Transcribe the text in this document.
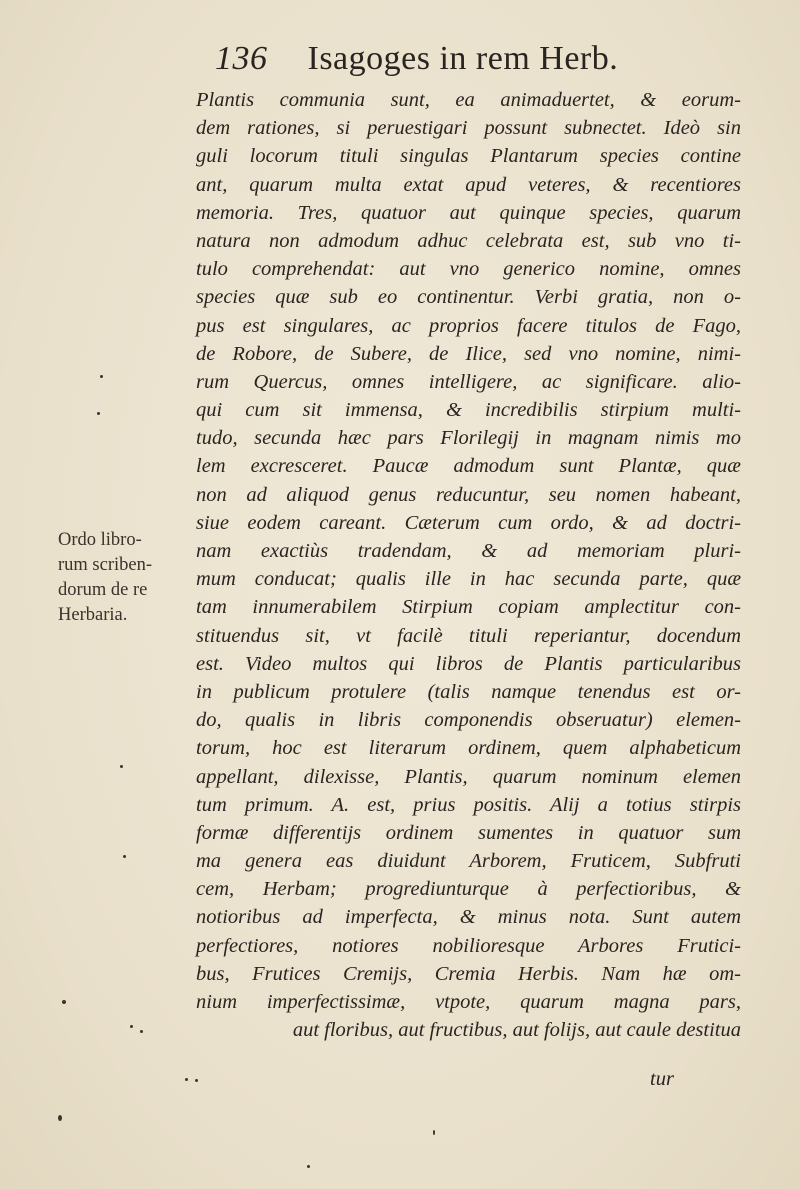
136 Isagoges in rem Herb.
Ordo libro-
rum scriben-
dorum de re
Herbaria.
Plantis communia sunt, ea animaduertet, & eorum-
dem rationes, si peruestigari possunt subnectet. Ideò sin
guli locorum tituli singulas Plantarum species contine
ant, quarum multa extat apud veteres, & recentiores
memoria. Tres, quatuor aut quinque species, quarum
natura non admodum adhuc celebrata est, sub vno ti-
tulo comprehendat: aut vno generico nomine, omnes
species quæ sub eo continentur. Verbi gratia, non o-
pus est singulares, ac proprios facere titulos de Fago,
de Robore, de Subere, de Ilice, sed vno nomine, nimi-
rum Quercus, omnes intelligere, ac significare. alio-
qui cum sit immensa, & incredibilis stirpium multi-
tudo, secunda hæc pars Florilegij in magnam nimis mo
lem excresceret. Paucæ admodum sunt Plantæ, quæ
non ad aliquod genus reducuntur, seu nomen habeant,
siue eodem careant. Cæterum cum ordo, & ad doctri-
nam exactiùs tradendam, & ad memoriam pluri-
mum conducat; qualis ille in hac secunda parte, quæ
tam innumerabilem Stirpium copiam amplectitur con-
stituendus sit, vt facilè tituli reperiantur, docendum
est. Video multos qui libros de Plantis particularibus
in publicum protulere (talis namque tenendus est or-
do, qualis in libris componendis obseruatur) elemen-
torum, hoc est literarum ordinem, quem alphabeticum
appellant, dilexisse, Plantis, quarum nominum elemen
tum primum. A. est, prius positis. Alij a totius stirpis
formæ differentijs ordinem sumentes in quatuor sum
ma genera eas diuidunt Arborem, Fruticem, Subfruti
cem, Herbam; progrediunturque à perfectioribus, &
notioribus ad imperfecta, & minus nota. Sunt autem
perfectiores, notiores nobilioresque Arbores Frutici-
bus, Frutices Cremijs, Cremia Herbis. Nam hæ om-
nium imperfectissimæ, vtpote, quarum magna pars,
aut floribus, aut fructibus, aut folijs, aut caule destitua
tur
